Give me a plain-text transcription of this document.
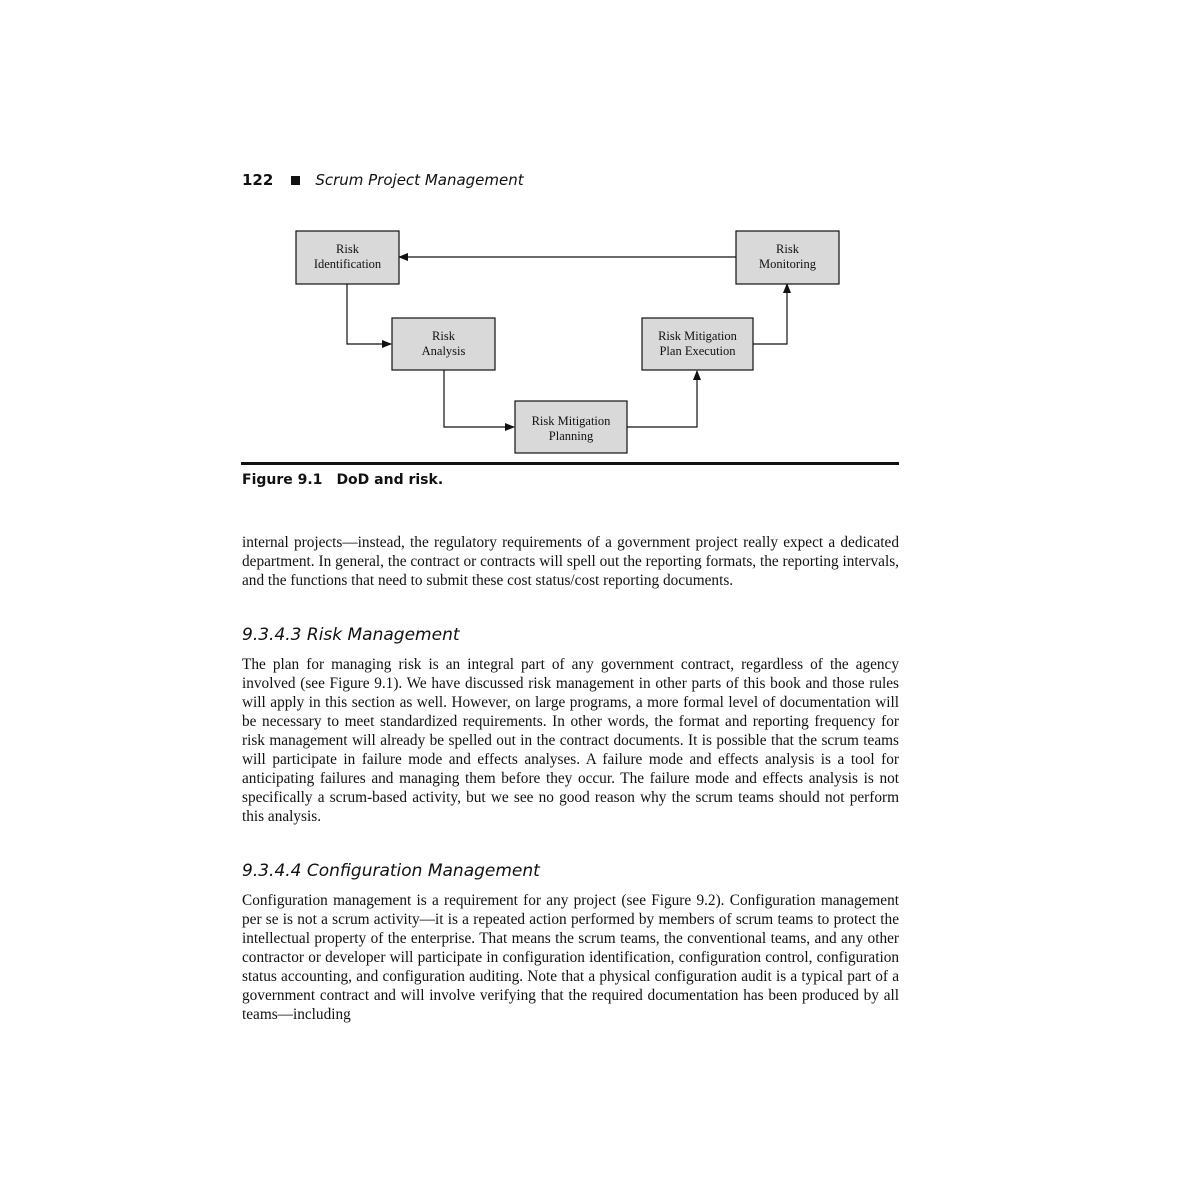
122	Scrum Project Management
Risk
Identification
Risk
Analysis
Risk Mitigation
Planning
Risk Mitigation
Plan Execution
Risk
Monitoring
Figure 9.1 DoD and risk.

internal projects—instead, the regulatory requirements of a government project really expect a dedicated department. In general, the contract or contracts will spell out the reporting formats, the reporting intervals, and the functions that need to submit these cost status/cost reporting documents.

9.3.4.3 Risk Management

The plan for managing risk is an integral part of any government contract, regardless of the agency involved (see Figure 9.1). We have discussed risk management in other parts of this book and those rules will apply in this section as well. However, on large programs, a more formal level of documentation will be necessary to meet standardized requirements. In other words, the format and reporting frequency for risk management will already be spelled out in the contract documents. It is possible that the scrum teams will participate in failure mode and effects analyses. A failure mode and effects analysis is a tool for anticipating failures and managing them before they occur. The failure mode and effects analysis is not specifically a scrum-based activity, but we see no good reason why the scrum teams should not perform this analysis.

9.3.4.4 Configuration Management

Configuration management is a requirement for any project (see Figure 9.2). Configuration management per se is not a scrum activity—it is a repeated action performed by members of scrum teams to protect the intellectual property of the enterprise. That means the scrum teams, the conventional teams, and any other contractor or developer will participate in configuration identification, configuration control, configuration status accounting, and configuration auditing. Note that a physical configuration audit is a typical part of a government contract and will involve verifying that the required documentation has been produced by all teams—including
